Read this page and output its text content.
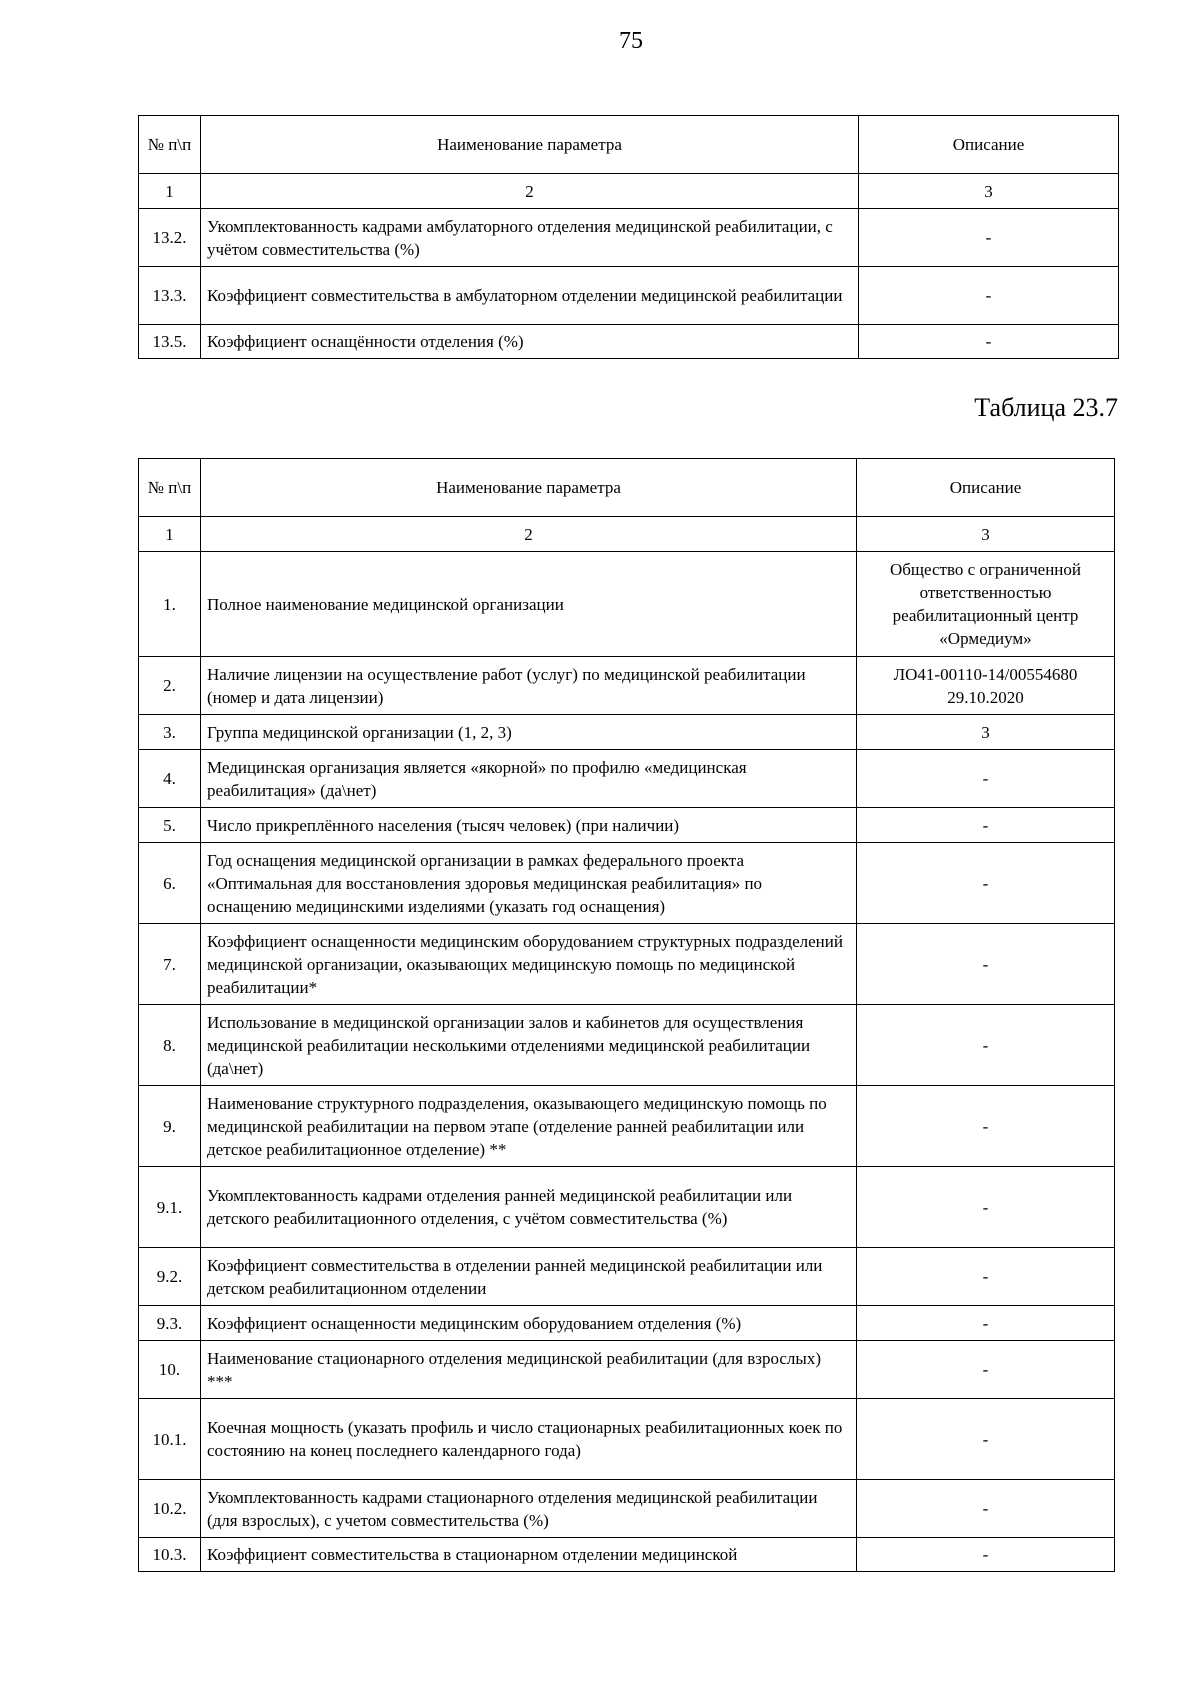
75
№ п\п	Наименование параметра	Описание
1	2	3
13.2.	Укомплектованность кадрами амбулаторного отделения медицинской реабилитации, с учётом совместительства (%)	-
13.3.	Коэффициент совместительства в амбулаторном отделении медицинской реабилитации	-
13.5.	Коэффициент оснащённости отделения (%)	-
Таблица 23.7
№ п\п	Наименование параметра	Описание
1	2	3
1.	Полное наименование медицинской организации	Общество с ограниченной ответственностью реабилитационный центр «Ормедиум»
2.	Наличие лицензии на осуществление работ (услуг) по медицинской реабилитации (номер и дата лицензии)	ЛО41-00110-14/00554680 29.10.2020
3.	Группа медицинской организации (1, 2, 3)	3
4.	Медицинская организация является «якорной» по профилю «медицинская реабилитация» (да\нет)	-
5.	Число прикреплённого населения (тысяч человек) (при наличии)	-
6.	Год оснащения медицинской организации в рамках федерального проекта «Оптимальная для восстановления здоровья медицинская реабилитация» по оснащению медицинскими изделиями (указать год оснащения)	-
7.	Коэффициент оснащенности медицинским оборудованием структурных подразделений медицинской организации, оказывающих медицинскую помощь по медицинской реабилитации*	-
8.	Использование в медицинской организации залов и кабинетов для осуществления медицинской реабилитации несколькими отделениями медицинской реабилитации (да\нет)	-
9.	Наименование структурного подразделения, оказывающего медицинскую помощь по медицинской реабилитации на первом этапе (отделение ранней реабилитации или детское реабилитационное отделение) **	-
9.1.	Укомплектованность кадрами отделения ранней медицинской реабилитации или детского реабилитационного отделения, с учётом совместительства (%)	-
9.2.	Коэффициент совместительства в отделении ранней медицинской реабилитации или детском реабилитационном отделении	-
9.3.	Коэффициент оснащенности медицинским оборудованием отделения (%)	-
10.	Наименование стационарного отделения медицинской реабилитации (для взрослых) ***	-
10.1.	Коечная мощность (указать профиль и число стационарных реабилитационных коек по состоянию на конец последнего календарного года)	-
10.2.	Укомплектованность кадрами стационарного отделения медицинской реабилитации (для взрослых), с учетом совместительства (%)	-
10.3.	Коэффициент совместительства в стационарном отделении медицинской	-
